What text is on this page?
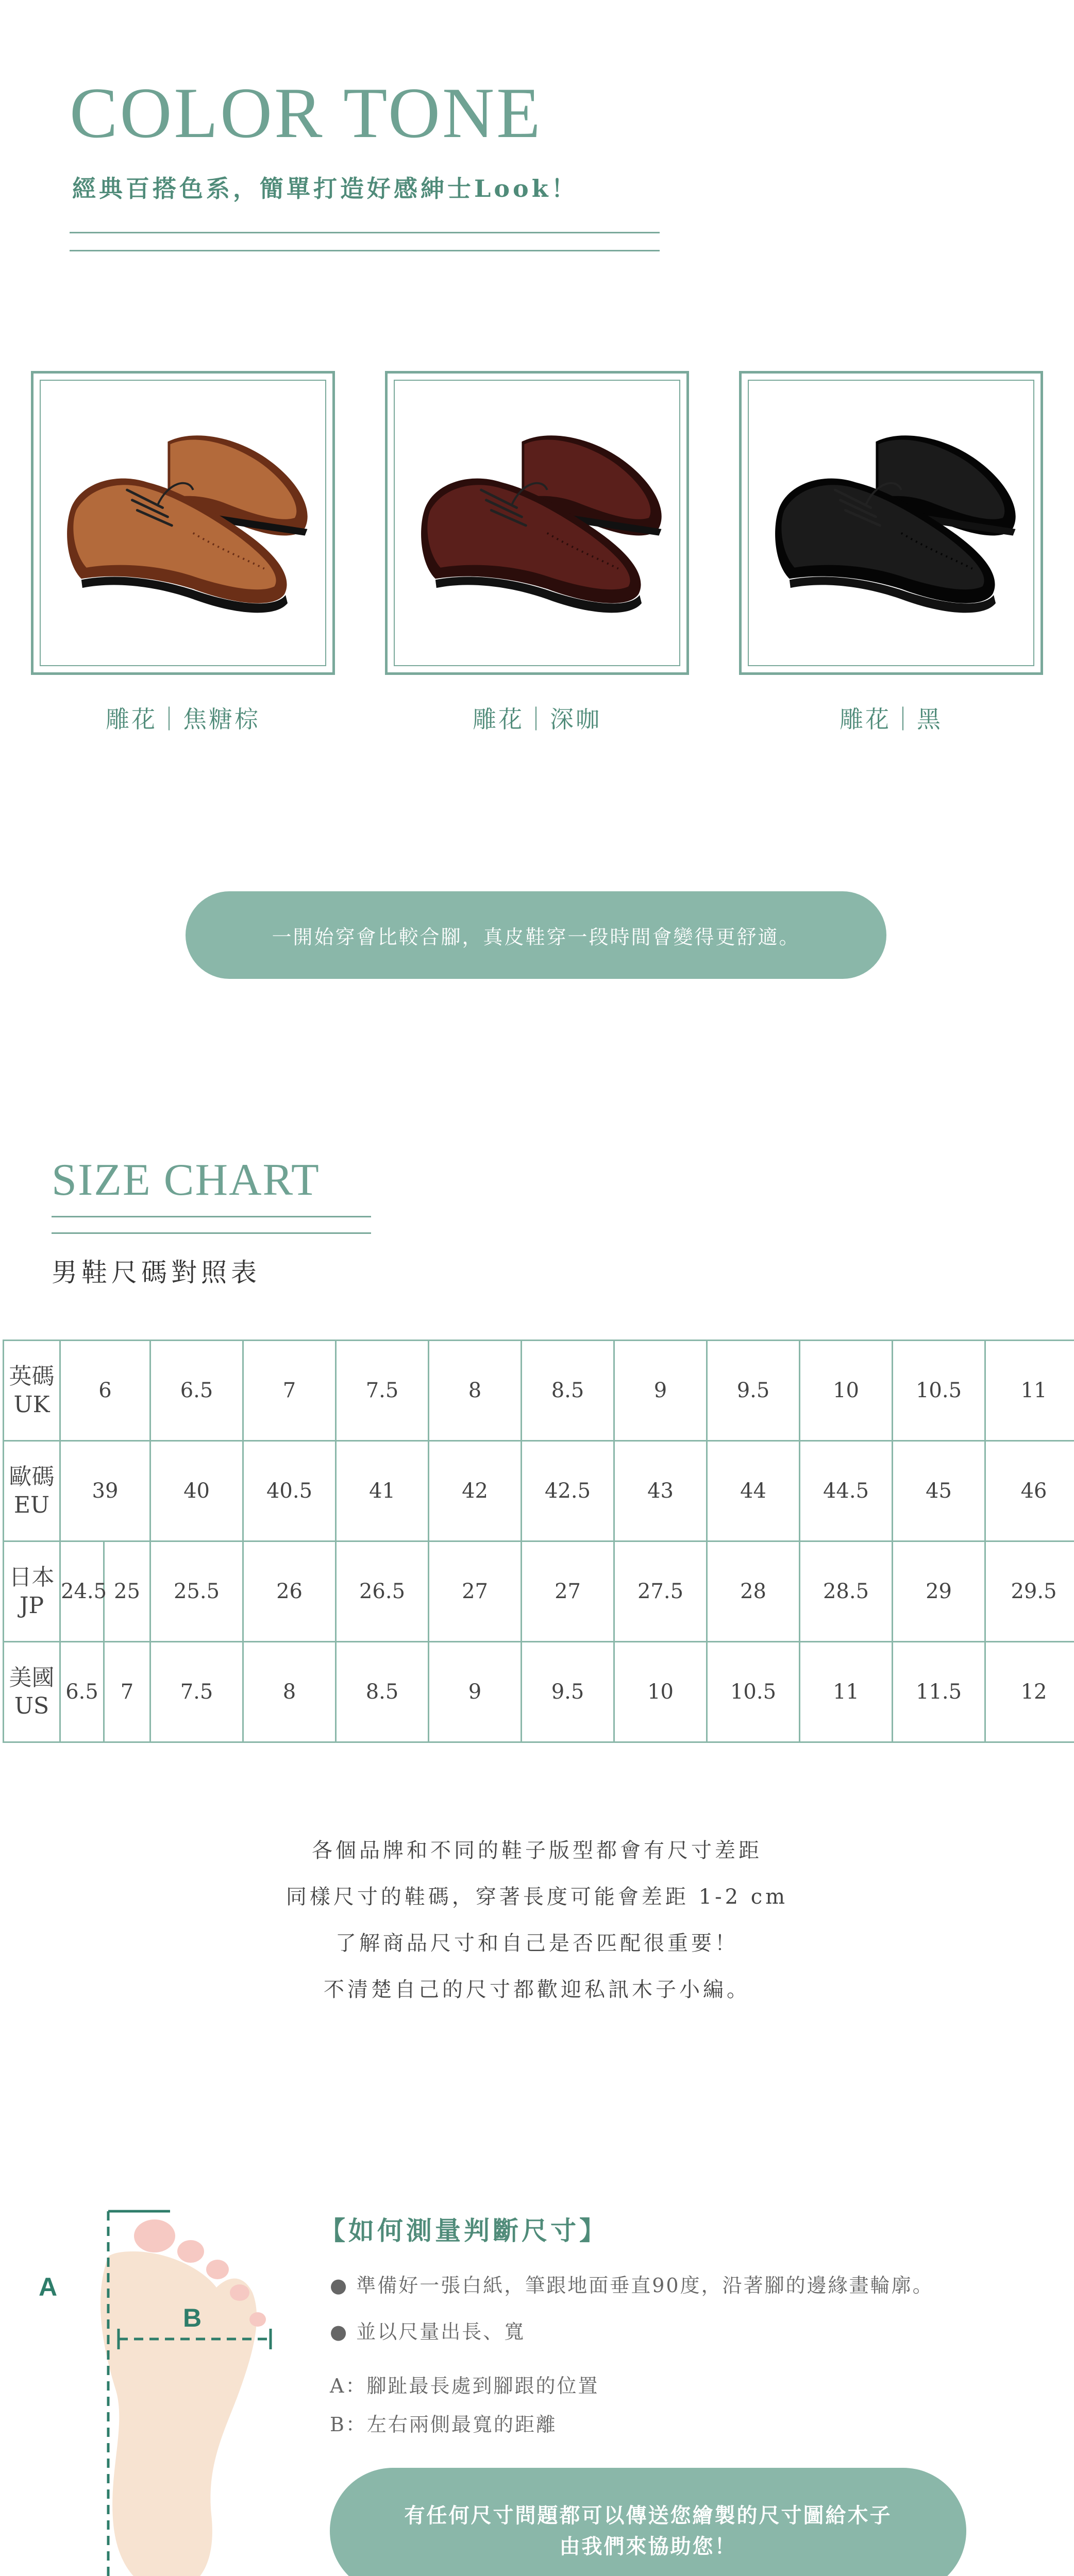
COLOR TONE
經典百搭色系，簡單打造好感紳士Look！
雕花｜焦糖棕	雕花｜深咖	雕花｜黑
一開始穿會比較合腳，真皮鞋穿一段時間會變得更舒適。
SIZE CHART
男鞋尺碼對照表
英碼
UK	6		6.5	7	7.5	8	8.5	9	9.5	10	10.5	11
歐碼
EU	39		40	40.5	41	42	42.5	43	44	44.5	45	46
日本
JP	24.5	25	25.5	26	26.5	27	27	27.5	28	28.5	29	29.5
美國
US	6.5	7	7.5	8	8.5	9	9.5	10	10.5	11	11.5	12
各個品牌和不同的鞋子版型都會有尺寸差距
同樣尺寸的鞋碼，穿著長度可能會差距 1-2 cm
了解商品尺寸和自己是否匹配很重要！
不清楚自己的尺寸都歡迎私訊木子小編。
A
B
【如何測量判斷尺寸】
● 準備好一張白紙，筆跟地面垂直90度，沿著腳的邊緣畫輪廓。
● 並以尺量出長、寬
A：腳趾最長處到腳跟的位置
B：左右兩側最寬的距離
有任何尺寸問題都可以傳送您繪製的尺寸圖給木子
由我們來協助您！
